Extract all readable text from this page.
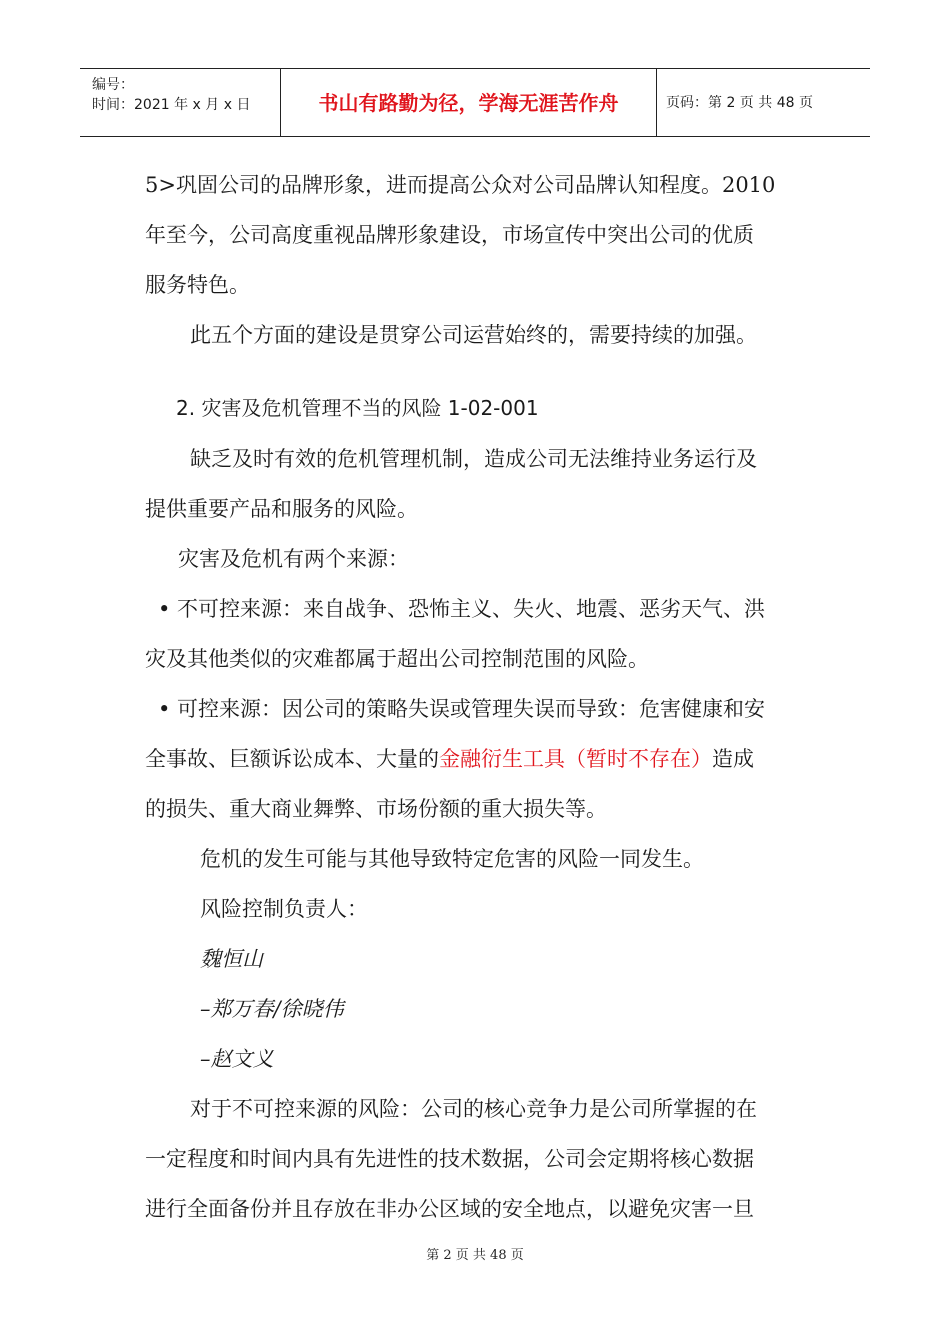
编号：
时间：2021 年 x 月 x 日	书山有路勤为径，学海无涯苦作舟	页码：第 2 页 共 48 页
5>巩固公司的品牌形象，进而提高公众对公司品牌认知程度。2010
年至今，公司高度重视品牌形象建设，市场宣传中突出公司的优质
服务特色。
此五个方面的建设是贯穿公司运营始终的，需要持续的加强。
2. 灾害及危机管理不当的风险 1-02-001
缺乏及时有效的危机管理机制，造成公司无法维持业务运行及
提供重要产品和服务的风险。
灾害及危机有两个来源：
• 不可控来源：来自战争、恐怖主义、失火、地震、恶劣天气、洪
灾及其他类似的灾难都属于超出公司控制范围的风险。
• 可控来源：因公司的策略失误或管理失误而导致：危害健康和安
全事故、巨额诉讼成本、大量的金融衍生工具（暂时不存在）造成
的损失、重大商业舞弊、市场份额的重大损失等。
危机的发生可能与其他导致特定危害的风险一同发生。
风险控制负责人：
魏恒山
–郑万春/徐晓伟
–赵文义
对于不可控来源的风险：公司的核心竞争力是公司所掌握的在
一定程度和时间内具有先进性的技术数据，公司会定期将核心数据
进行全面备份并且存放在非办公区域的安全地点，以避免灾害一旦
第 2 页 共 48 页
